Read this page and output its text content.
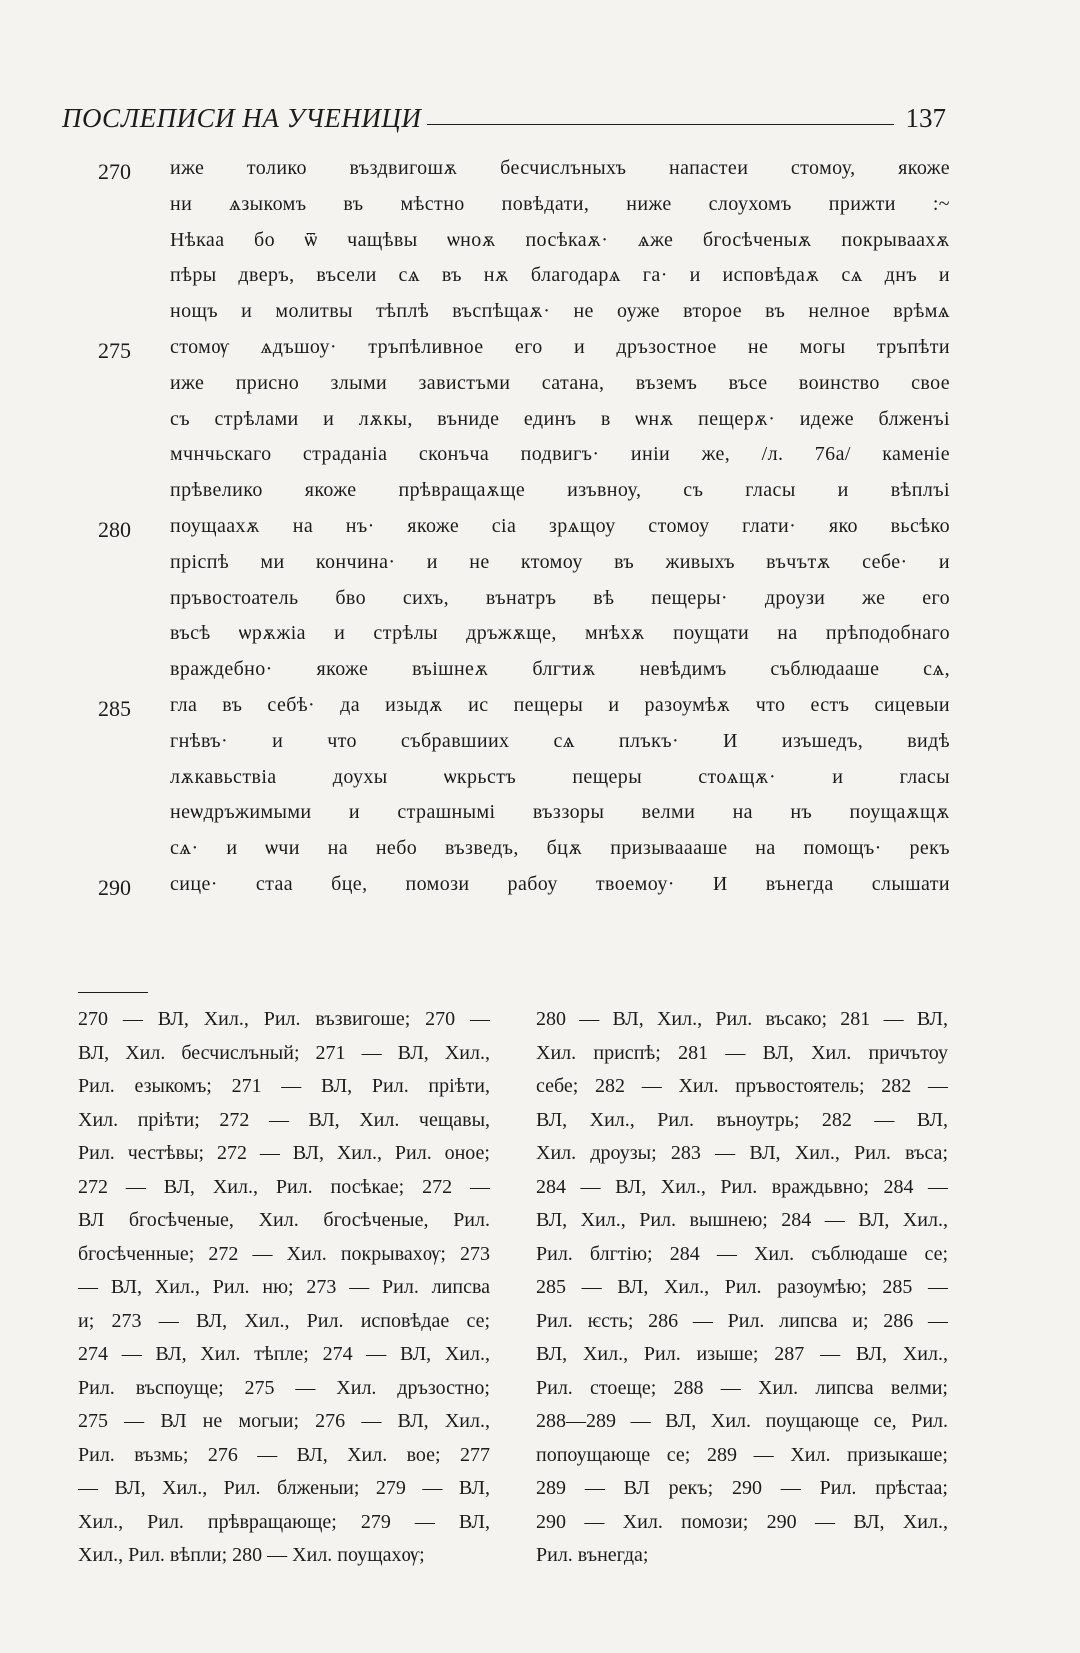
ПОСЛЕПИСИ НА УЧЕНИЦИ	137
270 иже толико въздвигошѫ бесчислъныхъ напастеи стомоу, якоже
ни ѧзыкомъ въ мѣстно повѣдати, ниже слоухомъ прижти :~
Нѣкаа бо ѿ чащѣвы ѡноѫ посѣкаѫ· ѧже бгосѣченыѫ покрываахѫ
пѣры дверъ, въсели сѧ въ нѫ благодарѧ га· и исповѣдаѫ сѧ днъ и
нощъ и молитвы тѣплѣ въспѣщаѫ· не оуже второе въ нелное врѣмѧ
275 стомѹ ѧдъшоу· тръпѣливное его и дръзостное не могы тръпѣти
иже присно злыми завистъми сатана, въземъ въсе воинство свое
съ стрѣлами и лѫкы, въниде единъ в ѡнѫ пещерѫ· идеже блженъі
мчнчьскаго страданіа сконъча подвигъ· иніи же, /л. 76а/ каменіе
прѣвелико якоже прѣвращаѫще изъвноу, съ гласы и вѣплъі
280 поущаахѫ на нъ· якоже сіа зрѧщоу стомоу глати· яко вьсѣко
пріспѣ ми кончина· и не ктомоу въ живыхъ въчътѫ себе· и
пръвостоатель бво сихъ, вънатръ вѣ пещеры· дроузи же его
въсѣ ѡрѫжіа и стрѣлы дръжѫще, мнѣхѫ поущати на прѣподобнаго
враждебно· якоже въішнеѫ блгтиѫ невѣдимъ съблюдааше сѧ,
285 гла въ себѣ· да изыдѫ ис пещеры и разоумѣѫ что естъ сицевыи
гнѣвъ· и что събравшиих сѧ плъкъ· И изъшедъ, видѣ
лѫкавьствіа доухы ѡкрьстъ пещеры стоѧщѫ· и гласы
неѡдръжимыми и страшнымі въззоры велми на нъ поущаѫщѫ
сѧ· и ѡчи на небо възведъ, бцѫ призываааше на помощъ· рекъ
290 сице· стаа бце, помози рабоу твоемоу· И вънегда слышати
270 — ВЛ, Хил., Рил. възвигоше; 270 —
ВЛ, Хил. бесчислъный; 271 — ВЛ, Хил.,
Рил. езыкомъ; 271 — ВЛ, Рил. пріѣти,
Хил. пріѣти; 272 — ВЛ, Хил. чещавы,
Рил. честѣвы; 272 — ВЛ, Хил., Рил. оное;
272 — ВЛ, Хил., Рил. посѣкае; 272 —
ВЛ бгосѣченые, Хил. бгосѣченые, Рил.
бгосѣченные; 272 — Хил. покрывахѹ; 273
— ВЛ, Хил., Рил. ню; 273 — Рил. липсва
и; 273 — ВЛ, Хил., Рил. исповѣдае се;
274 — ВЛ, Хил. тѣпле; 274 — ВЛ, Хил.,
Рил. въспоуще; 275 — Хил. дръзостно;
275 — ВЛ не могыи; 276 — ВЛ, Хил.,
Рил. възмь; 276 — ВЛ, Хил. вое; 277
— ВЛ, Хил., Рил. блженыи; 279 — ВЛ,
Хил., Рил. прѣвращающе; 279 — ВЛ,
Хил., Рил. вѣпли; 280 — Хил. поущахѹ;
280 — ВЛ, Хил., Рил. въсако; 281 — ВЛ,
Хил. приспѣ; 281 — ВЛ, Хил. причътоу
себе; 282 — Хил. пръвостоятель; 282 —
ВЛ, Хил., Рил. въноутрь; 282 — ВЛ,
Хил. дроузы; 283 — ВЛ, Хил., Рил. въса;
284 — ВЛ, Хил., Рил. враждьвно; 284 —
ВЛ, Хил., Рил. вышнею; 284 — ВЛ, Хил.,
Рил. блгтію; 284 — Хил. съблюдаше се;
285 — ВЛ, Хил., Рил. разоумѣю; 285 —
Рил. ѥсть; 286 — Рил. липсва и; 286 —
ВЛ, Хил., Рил. изыше; 287 — ВЛ, Хил.,
Рил. стоеще; 288 — Хил. липсва велми;
288—289 — ВЛ, Хил. поущающе се, Рил.
попоущающе се; 289 — Хил. призыкаше;
289 — ВЛ рекъ; 290 — Рил. прѣстаа;
290 — Хил. помози; 290 — ВЛ, Хил.,
Рил. вънегда;
